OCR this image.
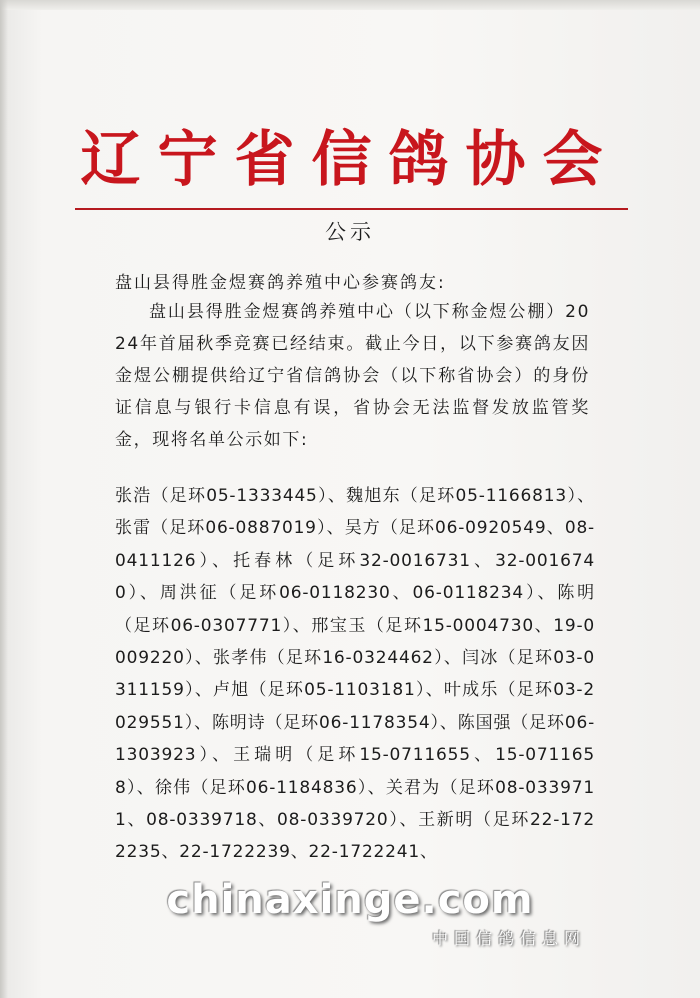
辽宁省信鸽协会
公示
盘山县得胜金煜赛鸽养殖中心参赛鸽友:
盘山县得胜金煜赛鸽养殖中心（以下称金煜公棚）2024年首届秋季竞赛已经结束。截止今日，以下参赛鸽友因金煜公棚提供给辽宁省信鸽协会（以下称省协会）的身份证信息与银行卡信息有误，省协会无法监督发放监管奖金，现将名单公示如下:
张浩（足环05-1333445）、魏旭东（足环05-1166813）、张雷（足环06-0887019）、吴方（足环06-0920549、08-0411126）、托春林（足环32-0016731、32-0016740）、周洪征（足环06-0118230、06-0118234）、陈明（足环06-0307771）、邢宝玉（足环15-0004730、19-0009220）、张孝伟（足环16-0324462）、闫冰（足环03-0311159）、卢旭（足环05-1103181）、叶成乐（足环03-2029551）、陈明诗（足环06-1178354）、陈国强（足环06-1303923）、王瑞明（足环15-0711655、15-0711658）、徐伟（足环06-1184836）、关君为（足环08-0339711、08-0339718、08-0339720）、王新明（足环22-1722235、22-1722239、22-1722241、
chinaxinge.com
中国信鸽信息网
